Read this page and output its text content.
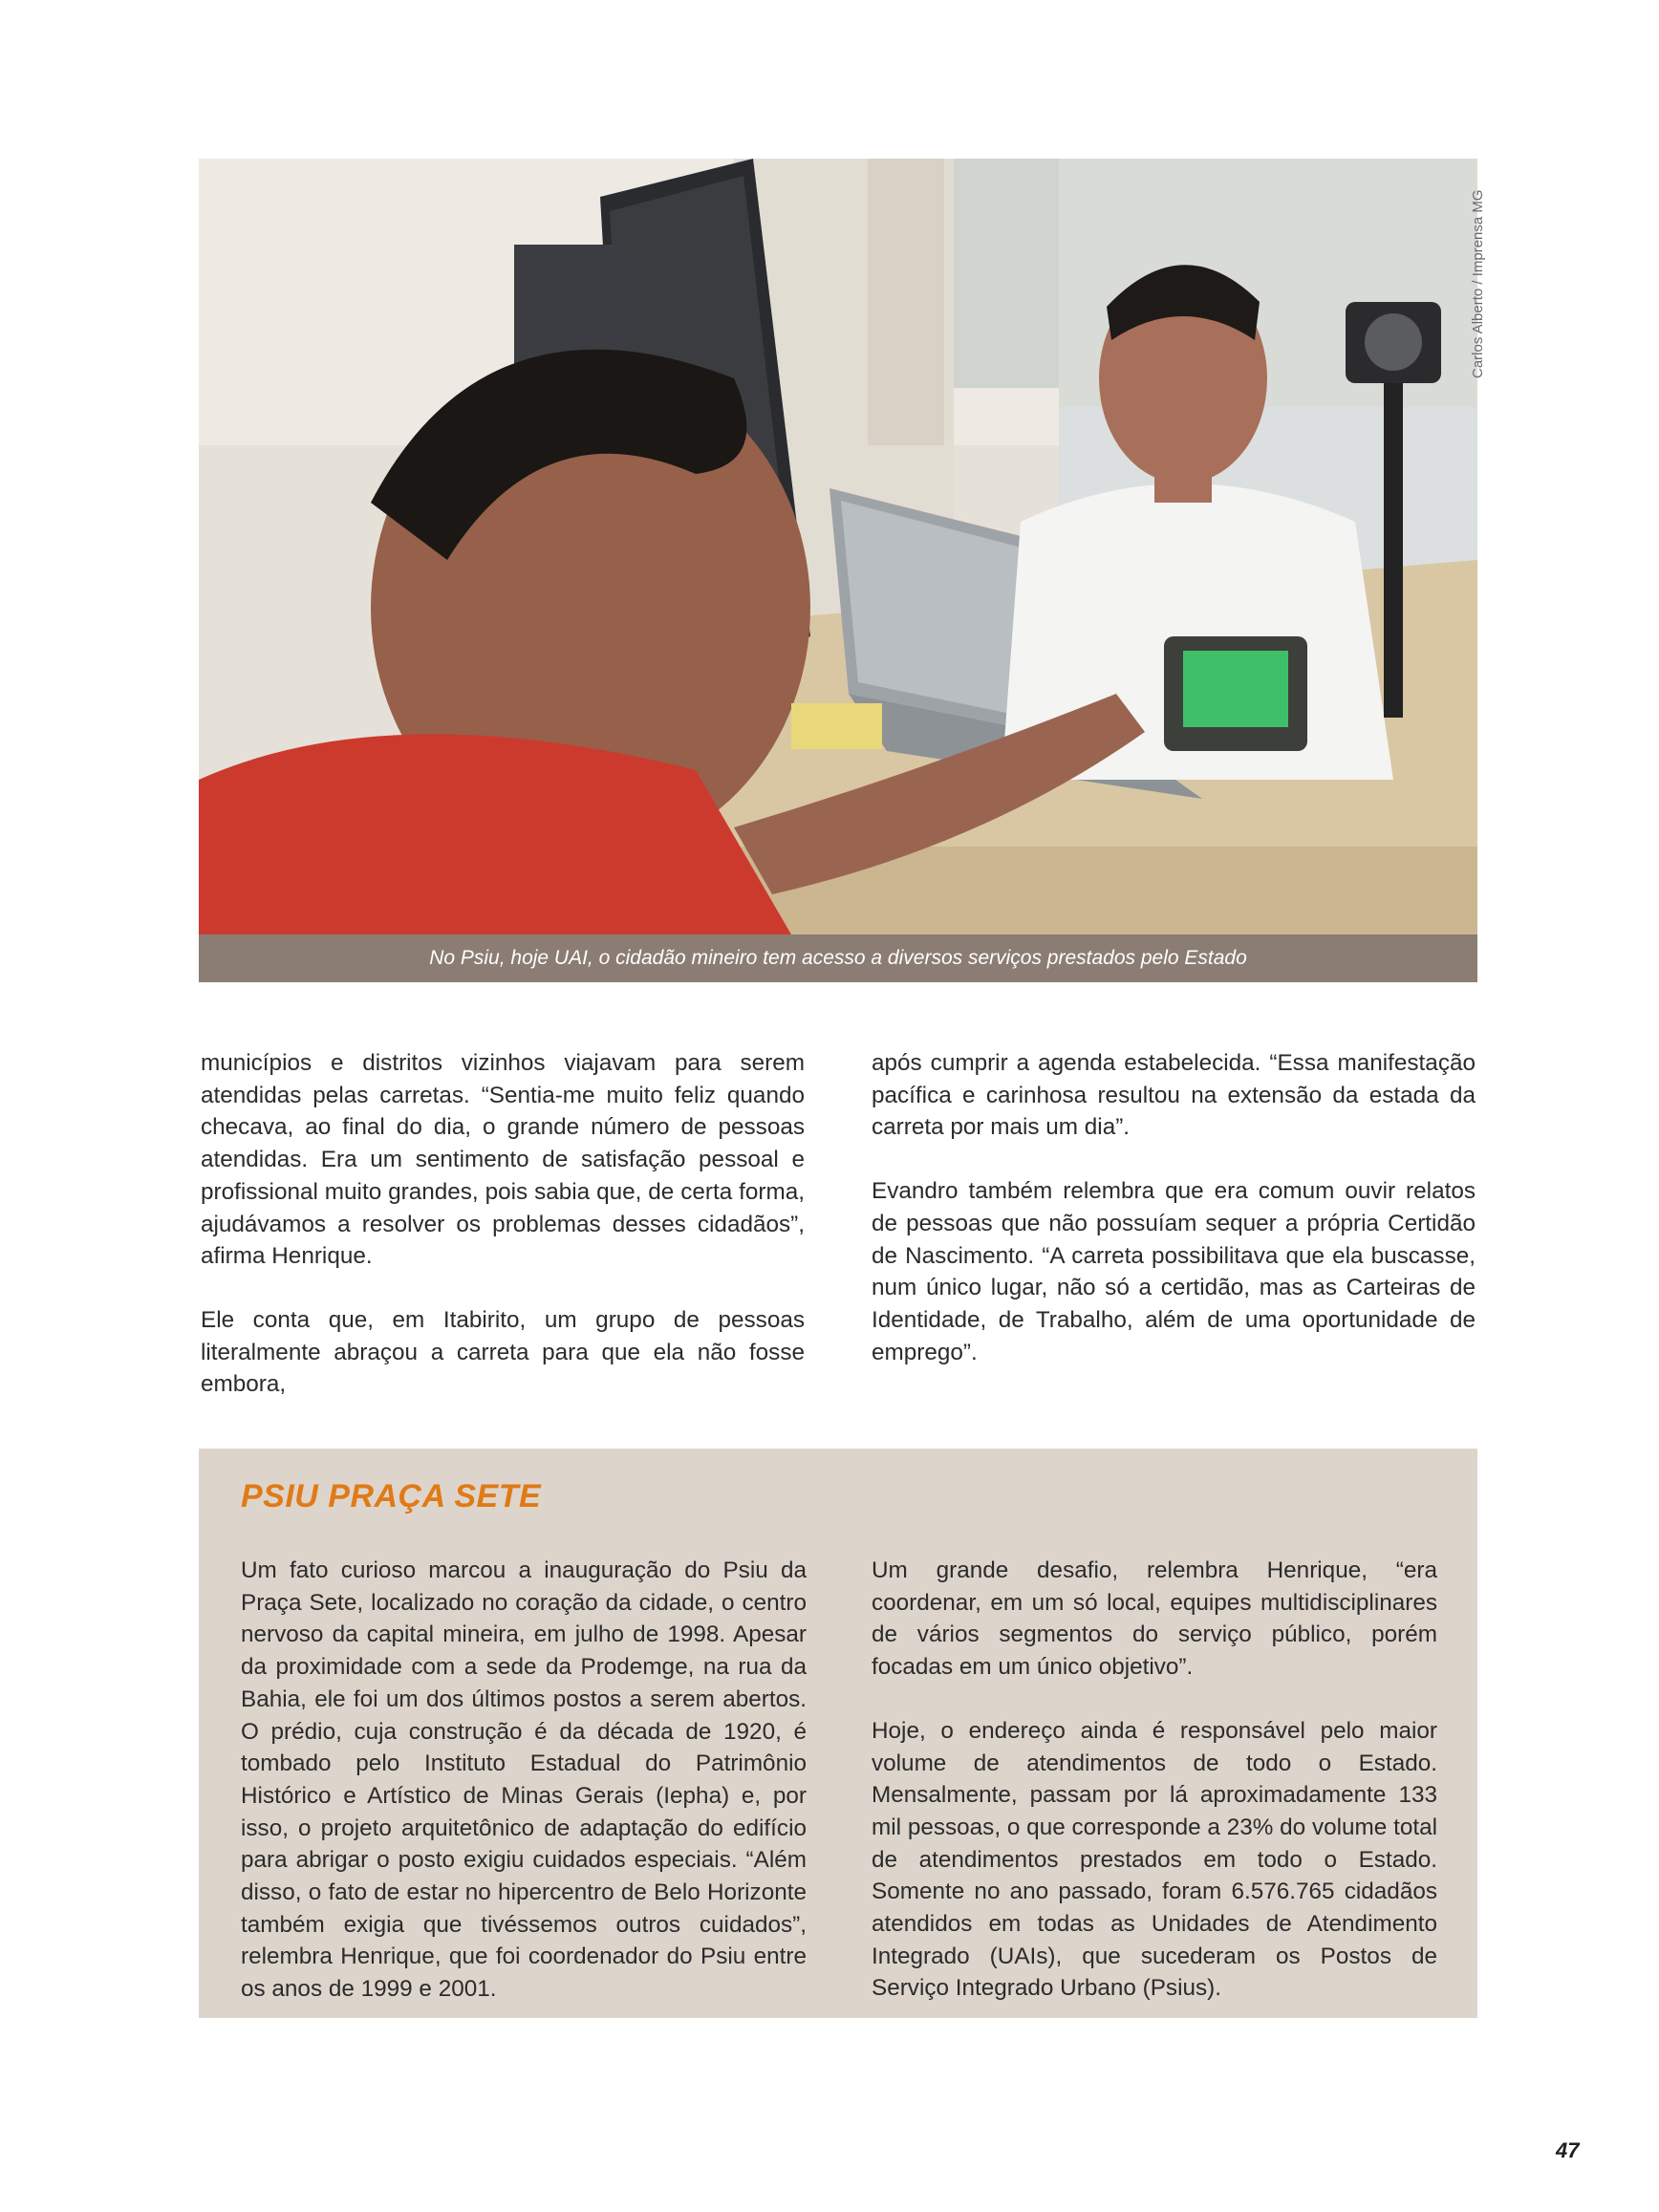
Carlos Alberto / Imprensa MG
No Psiu, hoje UAI, o cidadão mineiro tem acesso a diversos serviços prestados pelo Estado

municípios e distritos vizinhos viajavam para serem atendidas pelas carretas. “Sentia-me muito feliz quando checava, ao final do dia, o grande número de pessoas atendidas. Era um sentimento de satisfação pessoal e profissional muito grandes, pois sabia que, de certa forma, ajudávamos a resolver os problemas desses cidadãos”, afirma Henrique.

Ele conta que, em Itabirito, um grupo de pessoas literalmente abraçou a carreta para que ela não fosse embora,

após cumprir a agenda estabelecida. “Essa manifestação pacífica e carinhosa resultou na extensão da estada da carreta por mais um dia”.

Evandro também relembra que era comum ouvir relatos de pessoas que não possuíam sequer a própria Certidão de Nascimento. “A carreta possibilitava que ela buscasse, num único lugar, não só a certidão, mas as Carteiras de Identidade, de Trabalho, além de uma oportunidade de emprego”.

PSIU PRAÇA SETE

Um fato curioso marcou a inauguração do Psiu da Praça Sete, localizado no coração da cidade, o centro nervoso da capital mineira, em julho de 1998. Apesar da proximidade com a sede da Prodemge, na rua da Bahia, ele foi um dos últimos postos a serem abertos. O prédio, cuja construção é da década de 1920, é tombado pelo Instituto Estadual do Patrimônio Histórico e Artístico de Minas Gerais (Iepha) e, por isso, o projeto arquitetônico de adaptação do edifício para abrigar o posto exigiu cuidados especiais. “Além disso, o fato de estar no hipercentro de Belo Horizonte também exigia que tivéssemos outros cuidados”, relembra Henrique, que foi coordenador do Psiu entre os anos de 1999 e 2001.

Um grande desafio, relembra Henrique, “era coordenar, em um só local, equipes multidisciplinares de vários segmentos do serviço público, porém focadas em um único objetivo”.

Hoje, o endereço ainda é responsável pelo maior volume de atendimentos de todo o Estado. Mensalmente, passam por lá aproximadamente 133 mil pessoas, o que corresponde a 23% do volume total de atendimentos prestados em todo o Estado. Somente no ano passado, foram 6.576.765 cidadãos atendidos em todas as Unidades de Atendimento Integrado (UAIs), que sucederam os Postos de Serviço Integrado Urbano (Psius).

47
